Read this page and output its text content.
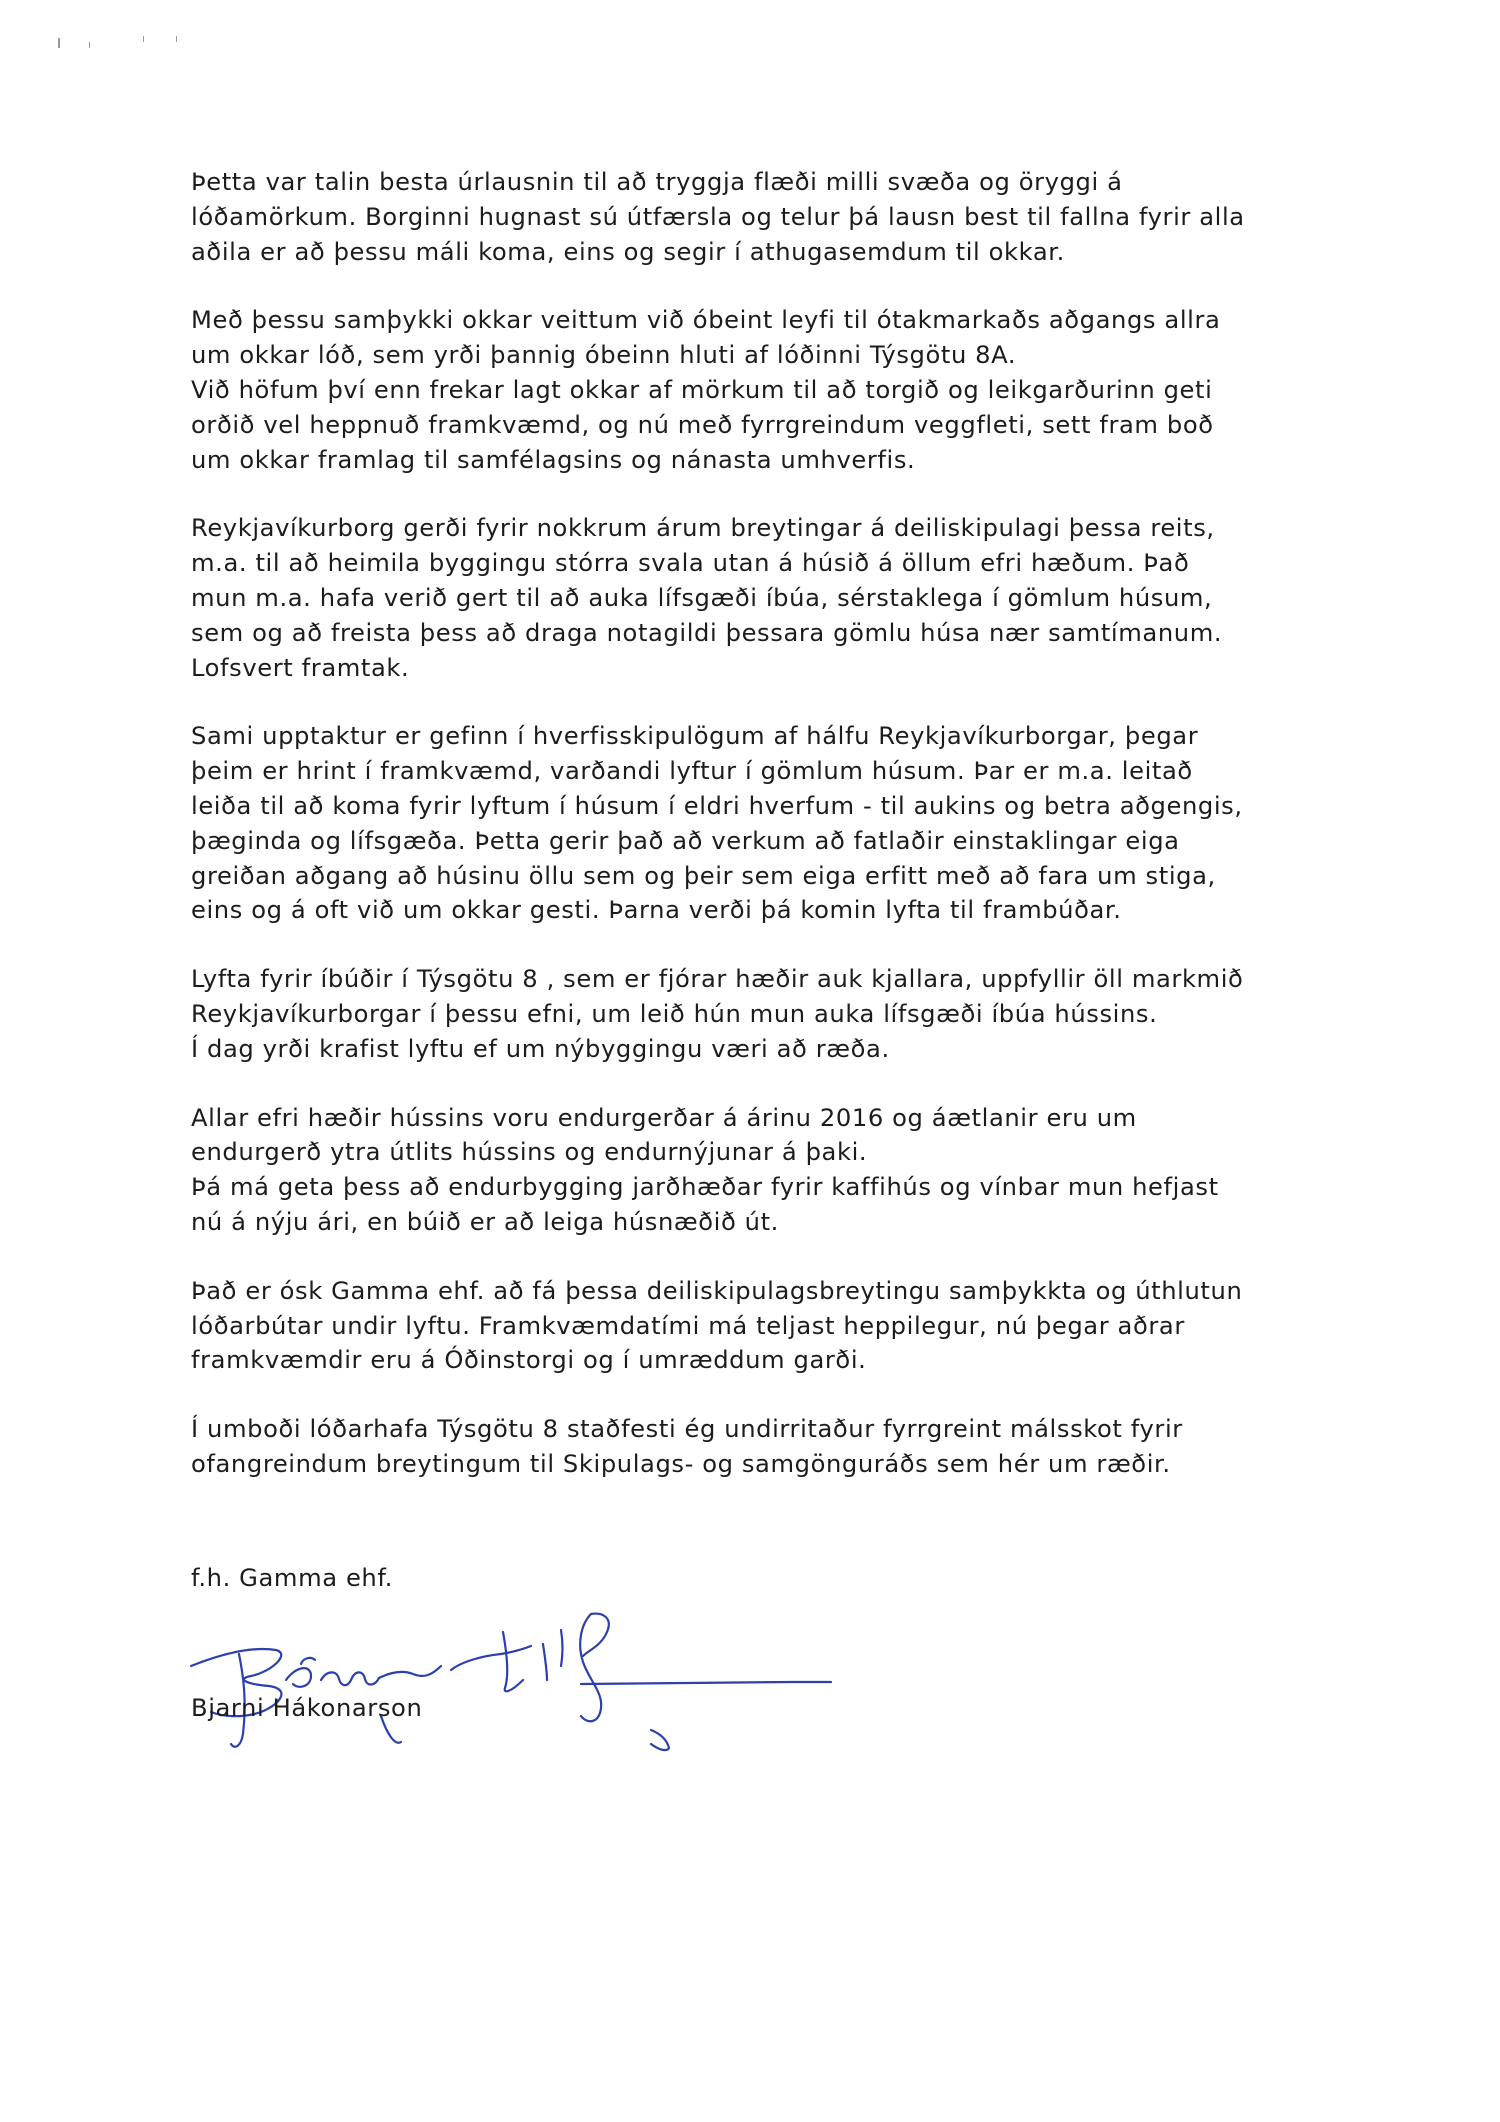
Þetta var talin besta úrlausnin til að tryggja flæði milli svæða og öryggi á
lóðamörkum. Borginni hugnast sú útfærsla og telur þá lausn best til fallna fyrir alla
aðila er að þessu máli koma, eins og segir í athugasemdum til okkar.

Með þessu samþykki okkar veittum við óbeint leyfi til ótakmarkaðs aðgangs allra
um okkar lóð, sem yrði þannig óbeinn hluti af lóðinni Týsgötu 8A.
Við höfum því enn frekar lagt okkar af mörkum til að torgið og leikgarðurinn geti
orðið vel heppnuð framkvæmd, og nú með fyrrgreindum veggfleti, sett fram boð
um okkar framlag til samfélagsins og nánasta umhverfis.

Reykjavíkurborg gerði fyrir nokkrum árum breytingar á deiliskipulagi þessa reits,
m.a. til að heimila byggingu stórra svala utan á húsið á öllum efri hæðum. Það
mun m.a. hafa verið gert til að auka lífsgæði íbúa, sérstaklega í gömlum húsum,
sem og að freista þess að draga notagildi þessara gömlu húsa nær samtímanum.
Lofsvert framtak.

Sami upptaktur er gefinn í hverfisskipulögum af hálfu Reykjavíkurborgar, þegar
þeim er hrint í framkvæmd, varðandi lyftur í gömlum húsum. Þar er m.a. leitað
leiða til að koma fyrir lyftum í húsum í eldri hverfum - til aukins og betra aðgengis,
þæginda og lífsgæða. Þetta gerir það að verkum að fatlaðir einstaklingar eiga
greiðan aðgang að húsinu öllu sem og þeir sem eiga erfitt með að fara um stiga,
eins og á oft við um okkar gesti. Þarna verði þá komin lyfta til frambúðar.

Lyfta fyrir íbúðir í Týsgötu 8 , sem er fjórar hæðir auk kjallara, uppfyllir öll markmið
Reykjavíkurborgar í þessu efni, um leið hún mun auka lífsgæði íbúa hússins.
Í dag yrði krafist lyftu ef um nýbyggingu væri að ræða.

Allar efri hæðir hússins voru endurgerðar á árinu 2016 og áætlanir eru um
endurgerð ytra útlits hússins og endurnýjunar á þaki.
Þá má geta þess að endurbygging jarðhæðar fyrir kaffihús og vínbar mun hefjast
nú á nýju ári, en búið er að leiga húsnæðið út.

Það er ósk Gamma ehf. að fá þessa deiliskipulagsbreytingu samþykkta og úthlutun
lóðarbútar undir lyftu. Framkvæmdatími má teljast heppilegur, nú þegar aðrar
framkvæmdir eru á Óðinstorgi og í umræddum garði.

Í umboði lóðarhafa Týsgötu 8 staðfesti ég undirritaður fyrrgreint málsskot fyrir
ofangreindum breytingum til Skipulags- og samgönguráðs sem hér um ræðir.

f.h. Gamma ehf.
Bjarni Hákonarson
